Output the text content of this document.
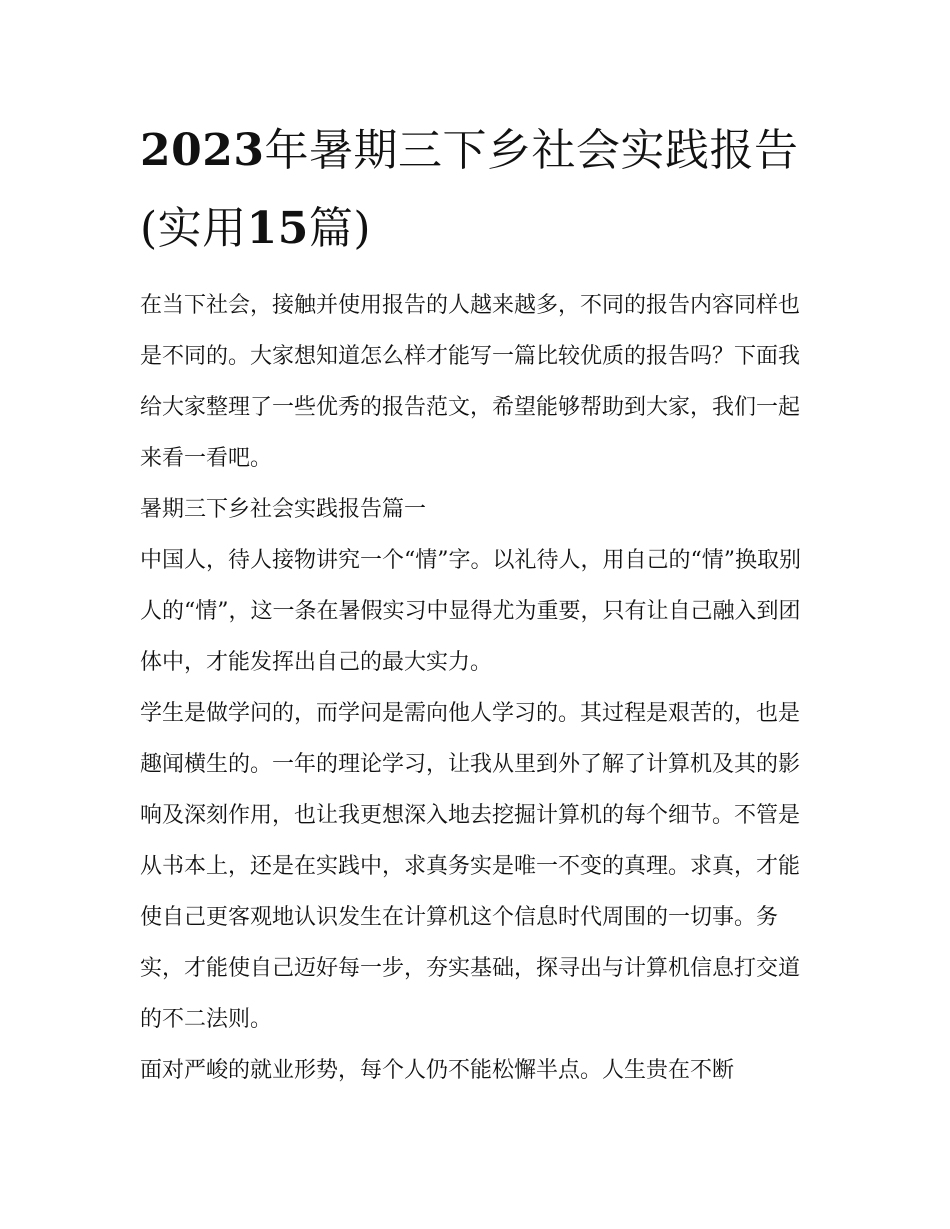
2023年暑期三下乡社会实践报告(实用15篇)

在当下社会，接触并使用报告的人越来越多，不同的报告内容同样也是不同的。大家想知道怎么样才能写一篇比较优质的报告吗？下面我给大家整理了一些优秀的报告范文，希望能够帮助到大家，我们一起来看一看吧。

暑期三下乡社会实践报告篇一

中国人，待人接物讲究一个“情”字。以礼待人，用自己的“情”换取别人的“情”，这一条在暑假实习中显得尤为重要，只有让自己融入到团体中，才能发挥出自己的最大实力。

学生是做学问的，而学问是需向他人学习的。其过程是艰苦的，也是趣闻横生的。一年的理论学习，让我从里到外了解了计算机及其的影响及深刻作用，也让我更想深入地去挖掘计算机的每个细节。不管是从书本上，还是在实践中，求真务实是唯一不变的真理。求真，才能使自己更客观地认识发生在计算机这个信息时代周围的一切事。务实，才能使自己迈好每一步，夯实基础，探寻出与计算机信息打交道的不二法则。

面对严峻的就业形势，每个人仍不能松懈半点。人生贵在不断
